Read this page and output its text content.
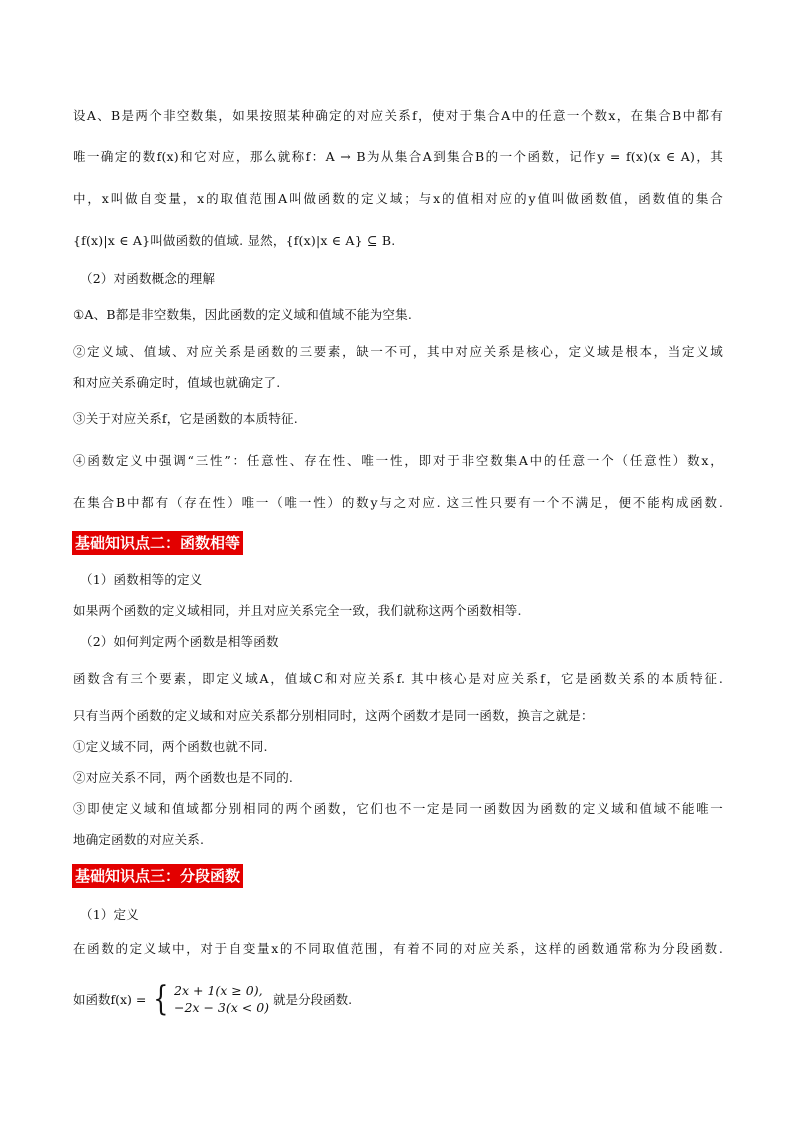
设A、B是两个非空数集，如果按照某种确定的对应关系f，使对于集合A中的任意一个数x，在集合B中都有
唯一确定的数f(x)和它对应，那么就称f：A → B为从集合A到集合B的一个函数，记作y = f(x)(x ∈ A)，其
中，x叫做自变量，x的取值范围A叫做函数的定义域；与x的值相对应的y值叫做函数值，函数值的集合
{f(x)|x ∈ A}叫做函数的值域. 显然，{f(x)|x ∈ A} ⊆ B.
（2）对函数概念的理解
①A、B都是非空数集，因此函数的定义域和值域不能为空集.
②定义域、值域、对应关系是函数的三要素，缺一不可，其中对应关系是核心，定义域是根本，当定义域
和对应关系确定时，值域也就确定了.
③关于对应关系f，它是函数的本质特征.
④函数定义中强调“三性”：任意性、存在性、唯一性，即对于非空数集A中的任意一个（任意性）数x，
在集合B中都有（存在性）唯一（唯一性）的数y与之对应. 这三性只要有一个不满足，便不能构成函数.
基础知识点二：函数相等
（1）函数相等的定义
如果两个函数的定义域相同，并且对应关系完全一致，我们就称这两个函数相等.
（2）如何判定两个函数是相等函数
函数含有三个要素，即定义域A，值域C和对应关系f. 其中核心是对应关系f，它是函数关系的本质特征.
只有当两个函数的定义域和对应关系都分别相同时，这两个函数才是同一函数，换言之就是：
①定义域不同，两个函数也就不同.
②对应关系不同，两个函数也是不同的.
③即使定义域和值域都分别相同的两个函数，它们也不一定是同一函数因为函数的定义域和值域不能唯一
地确定函数的对应关系.
基础知识点三：分段函数
（1）定义
在函数的定义域中，对于自变量x的不同取值范围，有着不同的对应关系，这样的函数通常称为分段函数.
如函数f(x) = { 2x + 1(x ≥ 0),
−2x − 3(x < 0)
就是分段函数.
